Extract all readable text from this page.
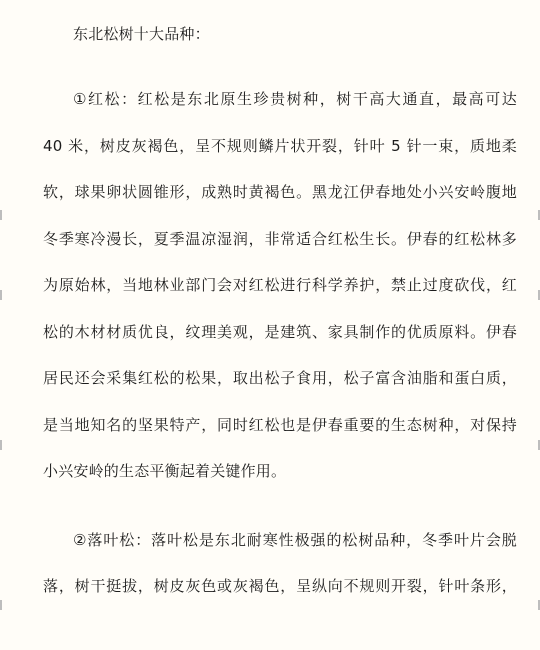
东北松树十大品种：
①红松：红松是东北原生珍贵树种，树干高大通直，最高可达
40 米，树皮灰褐色，呈不规则鳞片状开裂，针叶 5 针一束，质地柔
软，球果卵状圆锥形，成熟时黄褐色。黑龙江伊春地处小兴安岭腹地
冬季寒冷漫长，夏季温凉湿润，非常适合红松生长。伊春的红松林多
为原始林，当地林业部门会对红松进行科学养护，禁止过度砍伐，红
松的木材材质优良，纹理美观，是建筑、家具制作的优质原料。伊春
居民还会采集红松的松果，取出松子食用，松子富含油脂和蛋白质，
是当地知名的坚果特产，同时红松也是伊春重要的生态树种，对保持
小兴安岭的生态平衡起着关键作用。
②落叶松：落叶松是东北耐寒性极强的松树品种，冬季叶片会脱
落，树干挺拔，树皮灰色或灰褐色，呈纵向不规则开裂，针叶条形，
